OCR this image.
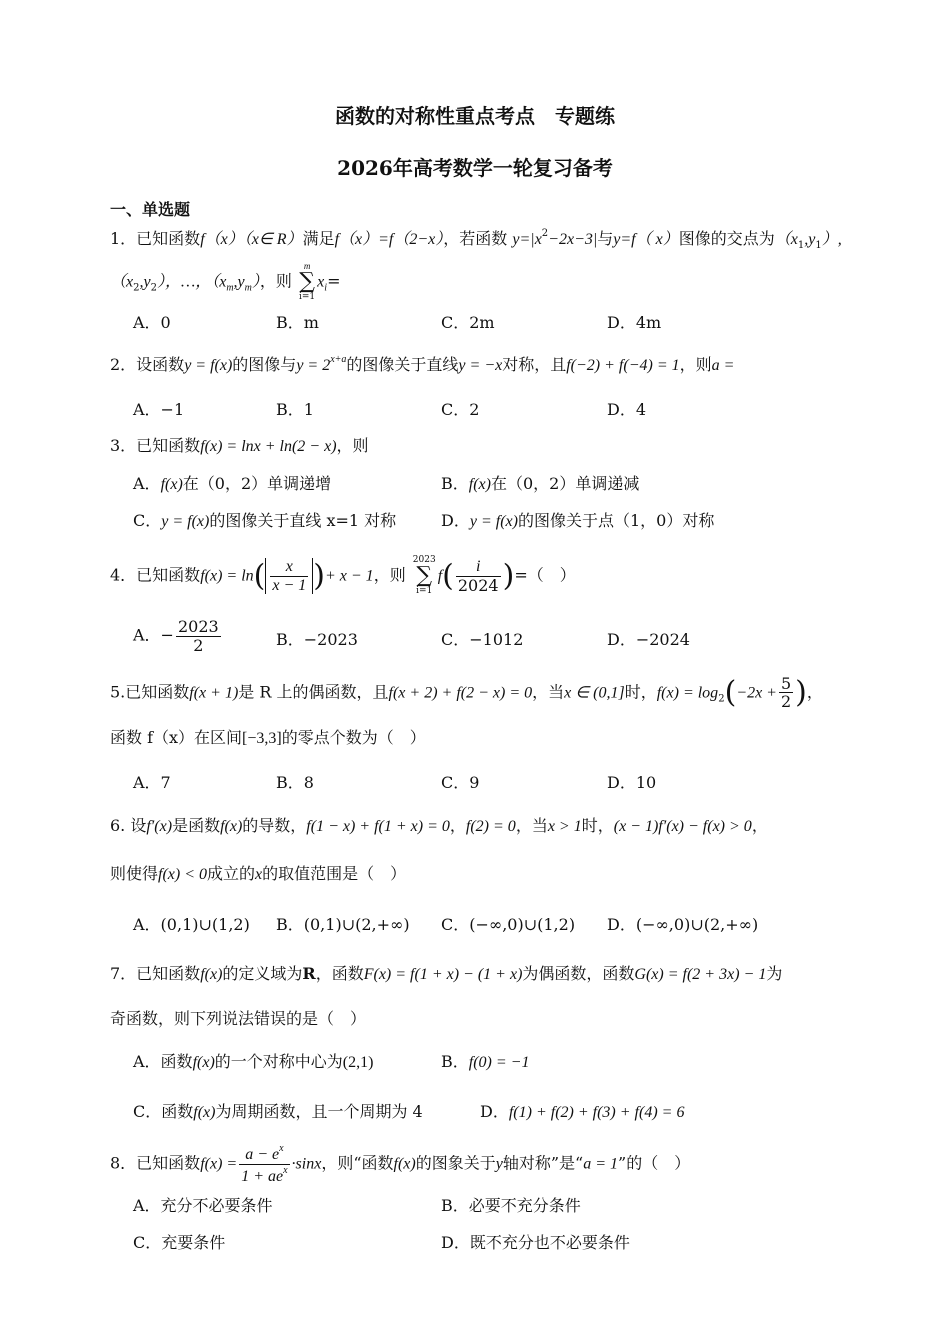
函数的对称性重点考点　专题练
2026年高考数学一轮复习备考
一、单选题
1．已知函数f（x）（x∈ R）满足f（x）=f（2−x），若函数 $y=|x^2-2x-3|$与y=f（ x）图像的交点为$(x_1,y_1)$,
$(x_2,y_2)$，…，$(x_m,y_m)$，则
m
∑
i=1
$x_i=$
A．0	B．m	C．2m	D．4m
2．设函数y = f(x)的图像与$y = 2^{x+a}$的图像关于直线y = −x对称，且f(−2) + f(−4) = 1，则a =
A．−1	B．1	C．2	D．4
3．已知函数f(x) = lnx + ln(2 − x)，则
A．f(x)在（0，2）单调递增	B．f(x)在（0，2）单调递减
C．y = f(x)的图像关于直线 x=1 对称	D．y = f(x)的图像关于点（1，0）对称
4．已知函数$f(x) = \ln( \frac{x}{x - 1}$ )+ x − 1，则
2023
∑
i=1
$f( \frac{i}{2024}$ )=（　）
A．− $\frac{2023}{2}$	B．−2023	C．−1012	D．−2024
5.已知函数f(x + 1)是 R 上的偶函数，且f(x + 2) + f(2 − x) = 0，当x ∈ (0,1]时，$f(x) = \log_2(-2x + \frac{5}{2}$ )，
函数 f（x）在区间[−3,3]的零点个数为（　）
A．7	B．8	C．9	D．10
6. 设f′(x)是函数f(x)的导数，f(1 − x) + f(1 + x) = 0，f(2) = 0，当x > 1时，(x − 1)f′(x) − f(x) > 0，
则使得f(x) < 0成立的x的取值范围是（　）
A．(0,1)∪(1,2) B．(0,1)∪(2,+∞) C．(−∞,0)∪(1,2) D．(−∞,0)∪(2,+∞)
7．已知函数f(x)的定义域为R，函数F(x) = f(1 + x) − (1 + x)为偶函数，函数G(x) = f(2 + 3x) − 1为
奇函数，则下列说法错误的是（　）
A．函数f(x)的一个对称中心为(2,1)	B．f(0) = −1
C．函数f(x)为周期函数，且一个周期为 4	D．f(1) + f(2) + f(3) + f(4) = 6
8．已知函数$f(x) = \frac{a - e^x}{1 + ae^x} \cdot\sin x$，则“函数f(x)的图象关于y轴对称”是“a = 1”的（　）
A．充分不必要条件	B．必要不充分条件
C．充要条件	D．既不充分也不必要条件
